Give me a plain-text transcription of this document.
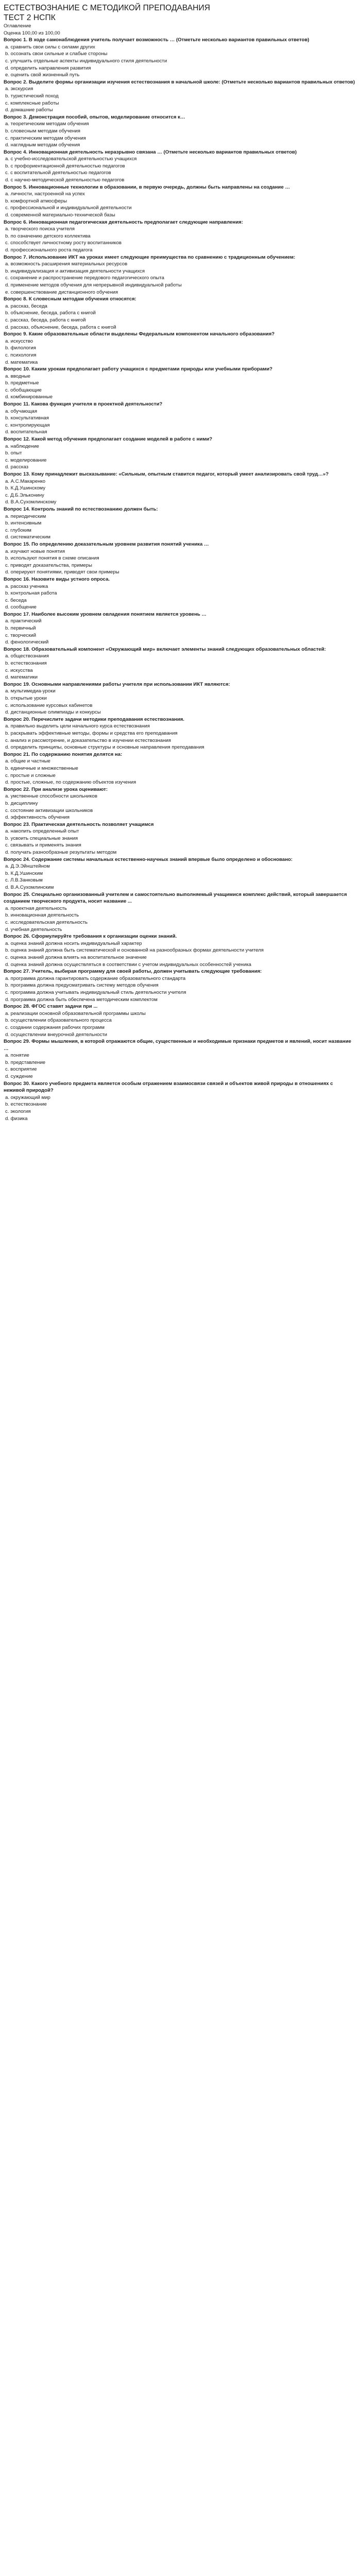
ЕСТЕСТВОЗНАНИЕ С МЕТОДИКОЙ ПРЕПОДАВАНИЯ
ТЕСТ 2 НСПК
Оглавление
Оценка 100,00 из 100,00
Вопрос 1. В ходе самонаблюдения учитель получает возможность … (Отметьте несколько вариантов правильных ответов)
а. сравнить свои силы с силами других
b. осознать свои сильные и слабые стороны
c. улучшить отдельные аспекты индивидуального стиля деятельности
d. определить направления развития
e. оценить свой жизненный путь
Вопрос 2. Выделите формы организации изучения естествознания в начальной школе: (Отметьте несколько вариантов правильных ответов)
а. экскурсия
b. туристический поход
c. комплексные работы
d. домашние работы
Вопрос 3. Демонстрация пособий, опытов, моделирование относится к…
а. теоретическим методам обучения
b. словесным методам обучения
c. практическим методам обучения
d. наглядным методам обучения
Вопрос 4. Инновационная деятельность неразрывно связана … (Отметьте несколько вариантов правильных ответов)
а. с учебно-исследовательской деятельностью учащихся
b. с профориентационной деятельностью педагогов
c. с воспитательной деятельностью педагогов
d. с научно-методической деятельностью педагогов
Вопрос 5. Инновационные технологии в образовании, в первую очередь, должны быть направлены на создание …
а. личности, настроенной на успех
b. комфортной атмосферы
c. профессиональной и индивидуальной деятельности
d. современной материально-технической базы
Вопрос 6. Инновационная педагогическая деятельность предполагает следующие направления:
а. творческого поиска учителя
b. по означению детского коллектива
c. способствует личностному росту воспитанников
d. профессионального роста педагога
Вопрос 7. Использование ИКТ на уроках имеет следующие преимущества по сравнению с традиционным обучением:
а. возможность расширения материальных ресурсов
b. индивидуализация и активизация деятельности учащихся
c. сохранение и распространение передового педагогического опыта
d. применение методов обучения для непрерывной индивидуальной работы
e. совершенствование дистанционного обучения
Вопрос 8. К словесным методам обучения относятся:
а. рассказ, беседа
b. объяснение, беседа, работа с книгой
c. рассказ, беседа, работа с книгой
d. рассказ, объяснение, беседа, работа с книгой
Вопрос 9. Какие образовательные области выделены Федеральным компонентом начального образования?
а. искусство
b. филология
c. психология
d. математика
Вопрос 10. Каким урокам предполагает работу учащихся с предметами природы или учебными приборами?
а. вводные
b. предметные
c. обобщающие
d. комбинированные
Вопрос 11. Какова функция учителя в проектной деятельности?
а. обучающая
b. консультативная
c. контролирующая
d. воспитательная
Вопрос 12. Какой метод обучения предполагает создание моделей в работе с ними?
а. наблюдение
b. опыт
c. моделирование
d. рассказ
Вопрос 13. Кому принадлежит высказывание: «Сильным, опытным ставится педагог, который умеет анализировать свой труд…»?
а. А.С.Макаренко
b. К.Д.Ушинскому
c. Д.Б.Эльконину
d. В.А.Сухомлинскому
Вопрос 14. Контроль знаний по естествознанию должен быть:
а. периодическим
b. интенсивным
c. глубоким
d. систематическим
Вопрос 15. По определению доказательным уровнем развития понятий ученика …
а. изучают новые понятия
b. используют понятия в схеме описания
c. приводят доказательства, примеры
d. оперируют понятиями, приводят свои примеры
Вопрос 16. Назовите виды устного опроса.
а. рассказ ученика
b. контрольная работа
c. беседа
d. сообщение
Вопрос 17. Наиболее высоким уровнем овладения понятием является уровень …
а. практический
b. первичный
c. творческий
d. фенологический
Вопрос 18. Образовательный компонент «Окружающий мир» включает элементы знаний следующих образовательных областей:
а. обществознания
b. естествознания
c. искусства
d. математики
Вопрос 19. Основными направлениями работы учителя при использовании ИКТ являются:
а. мультимедиа-уроки
b. открытые уроки
c. использование курсовых кабинетов
d. дистанционные олимпиады и конкурсы
Вопрос 20. Перечислите задачи методики преподавания естествознания.
а. правильно выделить цели начального курса естествознания
b. раскрывать эффективные методы, формы и средства его преподавания
c. анализ и рассмотрение, и доказательство в изучении естествознания
d. определить принципы, основные структуры и основные направления преподавания
Вопрос 21. По содержанию понятия делятся на:
а. общие и частные
b. единичные и множественные
c. простые и сложные
d. простые, сложные, по содержанию объектов изучения
Вопрос 22. При анализе урока оценивают:
а. умственные способности школьников
b. дисциплину
c. состояние активизации школьников
d. эффективность обучения
Вопрос 23. Практическая деятельность позволяет учащимся
а. накопить определенный опыт
b. усвоить специальные знания
c. связывать и применять знания
d. получать разнообразные результаты методом
Вопрос 24. Содержание системы начальных естественно-научных знаний впервые было определено и обосновано:
а. Д.Э.Эйнштейном
b. К.Д.Ушинским
c. Л.В.Занковым
d. В.А.Сухомлинским
Вопрос 25. Специально организованный учителем и самостоятельно выполняемый учащимися комплекс действий, который завершается созданием творческого продукта, носит название ...
а. проектная деятельность
b. инновационная деятельность
c. исследовательская деятельность
d. учебная деятельность
Вопрос 26. Сформулируйте требования к организации оценки знаний.
а. оценка знаний должна носить индивидуальный характер
b. оценка знаний должна быть систематической и основанной на разнообразных формах деятельности учителя
c. оценка знаний должна влиять на воспитательное значение
d. оценка знаний должна осуществляться в соответствии с учетом индивидуальных особенностей ученика
Вопрос 27. Учитель, выбирая программу для своей работы, должен учитывать следующие требования:
а. программа должна гарантировать содержание образовательного стандарта
b. программа должна предусматривать систему методов обучения
c. программа должна учитывать индивидуальный стиль деятельности учителя
d. программа должна быть обеспечена методическим комплектом
Вопрос 28. ФГОС ставят задачи при ...
а. реализации основной образовательной программы школы
b. осуществлении образовательного процесса
c. создании содержания рабочих программ
d. осуществлении внеурочной деятельности
Вопрос 29. Формы мышления, в которой отражаются общие, существенные и необходимые признаки предметов и явлений, носит название …
а. понятие
b. представление
c. восприятие
d. суждение
Вопрос 30. Какого учебного предмета является особым отражением взаимосвязи связей и объектов живой природы в отношениях с неживой природой?
а. окружающий мир
b. естествознание
c. экология
d. физика
